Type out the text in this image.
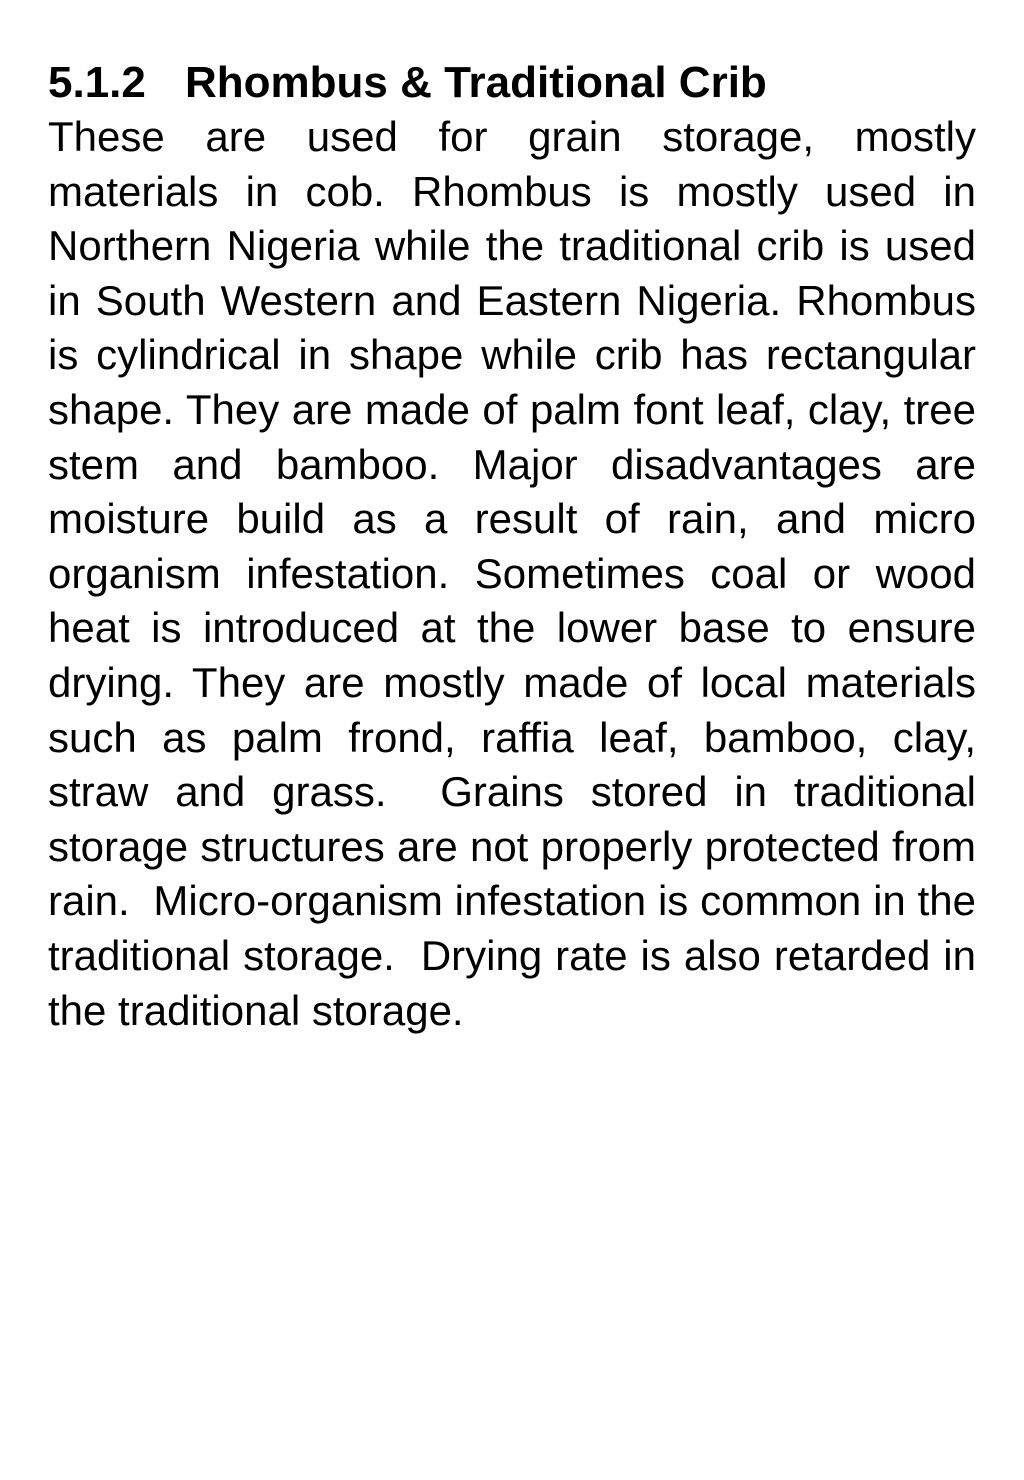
5.1.2 Rhombus & Traditional Crib

These are used for grain storage, mostly materials in cob. Rhombus is mostly used in Northern Nigeria while the traditional crib is used in South Western and Eastern Nigeria. Rhombus is cylindrical in shape while crib has rectangular shape. They are made of palm font leaf, clay, tree stem and bamboo. Major disadvantages are moisture build as a result of rain, and micro organism infestation. Sometimes coal or wood heat is introduced at the lower base to ensure drying. They are mostly made of local materials such as palm frond, raffia leaf, bamboo, clay, straw and grass.  Grains stored in traditional storage structures are not properly protected from rain.  Micro-organism infestation is common in the traditional storage.  Drying rate is also retarded in the traditional storage.
